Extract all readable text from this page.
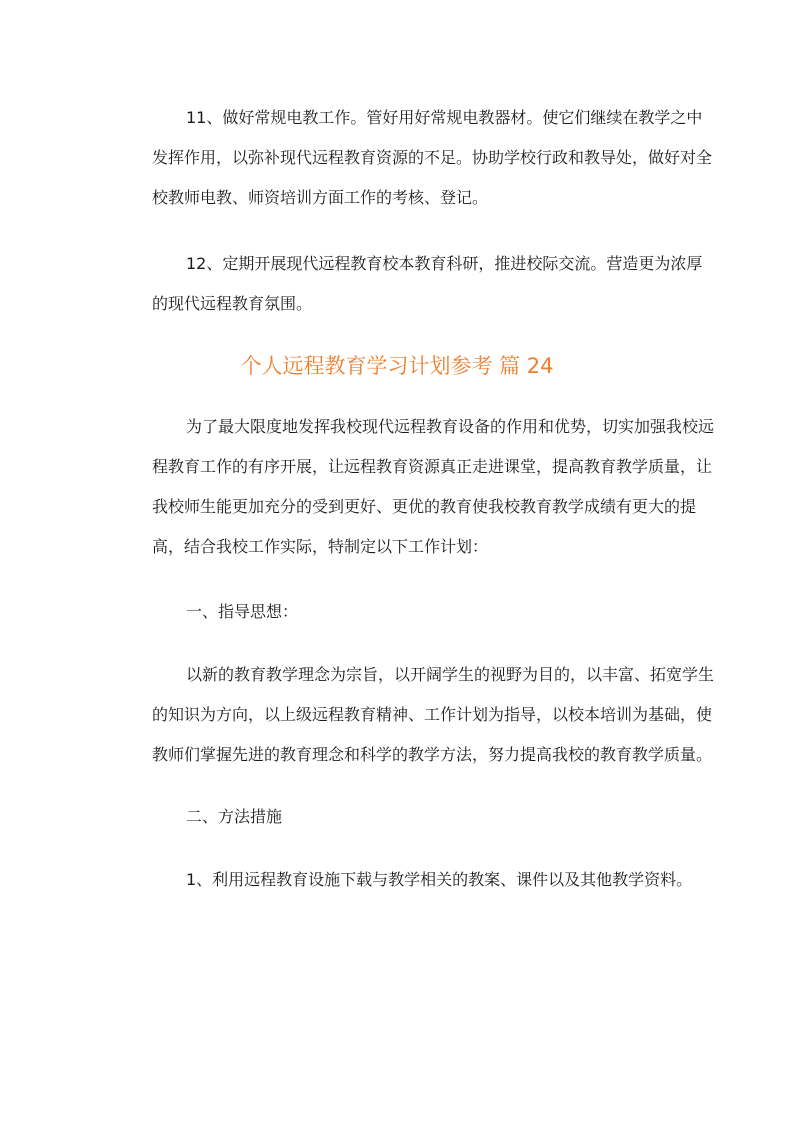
11、做好常规电教工作。管好用好常规电教器材。使它们继续在教学之中
发挥作用，以弥补现代远程教育资源的不足。协助学校行政和教导处，做好对全
校教师电教、师资培训方面工作的考核、登记。
12、定期开展现代远程教育校本教育科研，推进校际交流。营造更为浓厚
的现代远程教育氛围。
个人远程教育学习计划参考 篇 24
为了最大限度地发挥我校现代远程教育设备的作用和优势，切实加强我校远
程教育工作的有序开展，让远程教育资源真正走进课堂，提高教育教学质量，让
我校师生能更加充分的受到更好、更优的教育使我校教育教学成绩有更大的提
高，结合我校工作实际，特制定以下工作计划：
一、指导思想：
以新的教育教学理念为宗旨，以开阔学生的视野为目的，以丰富、拓宽学生
的知识为方向，以上级远程教育精神、工作计划为指导，以校本培训为基础，使
教师们掌握先进的教育理念和科学的教学方法，努力提高我校的教育教学质量。
二、方法措施
1、利用远程教育设施下载与教学相关的教案、课件以及其他教学资料。
